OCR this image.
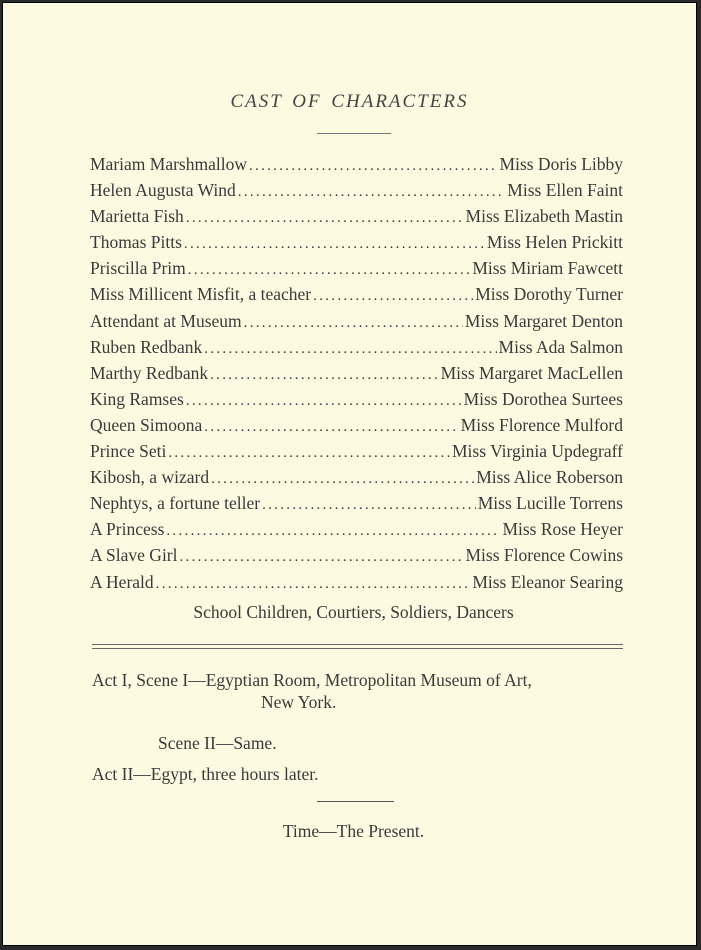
CAST OF CHARACTERS
Mariam Marshmallow .....	Miss Doris Libby
Helen Augusta Wind .....	Miss Ellen Faint
Marietta Fish .....	Miss Elizabeth Mastin
Thomas Pitts .....	Miss Helen Prickitt
Priscilla Prim .....	Miss Miriam Fawcett
Miss Millicent Misfit, a teacher .....	Miss Dorothy Turner
Attendant at Museum .....	Miss Margaret Denton
Ruben Redbank .....	Miss Ada Salmon
Marthy Redbank .....	Miss Margaret MacLellen
King Ramses .....	Miss Dorothea Surtees
Queen Simoona .....	Miss Florence Mulford
Prince Seti .....	Miss Virginia Updegraff
Kibosh, a wizard .....	Miss Alice Roberson
Nephtys, a fortune teller .....	Miss Lucille Torrens
A Princess .....	Miss Rose Heyer
A Slave Girl .....	Miss Florence Cowins
A Herald .....	Miss Eleanor Searing
School Children, Courtiers, Soldiers, Dancers
Act I, Scene I—Egyptian Room, Metropolitan Museum of Art,
New York.
Scene II—Same.
Act II—Egypt, three hours later.
Time—The Present.
